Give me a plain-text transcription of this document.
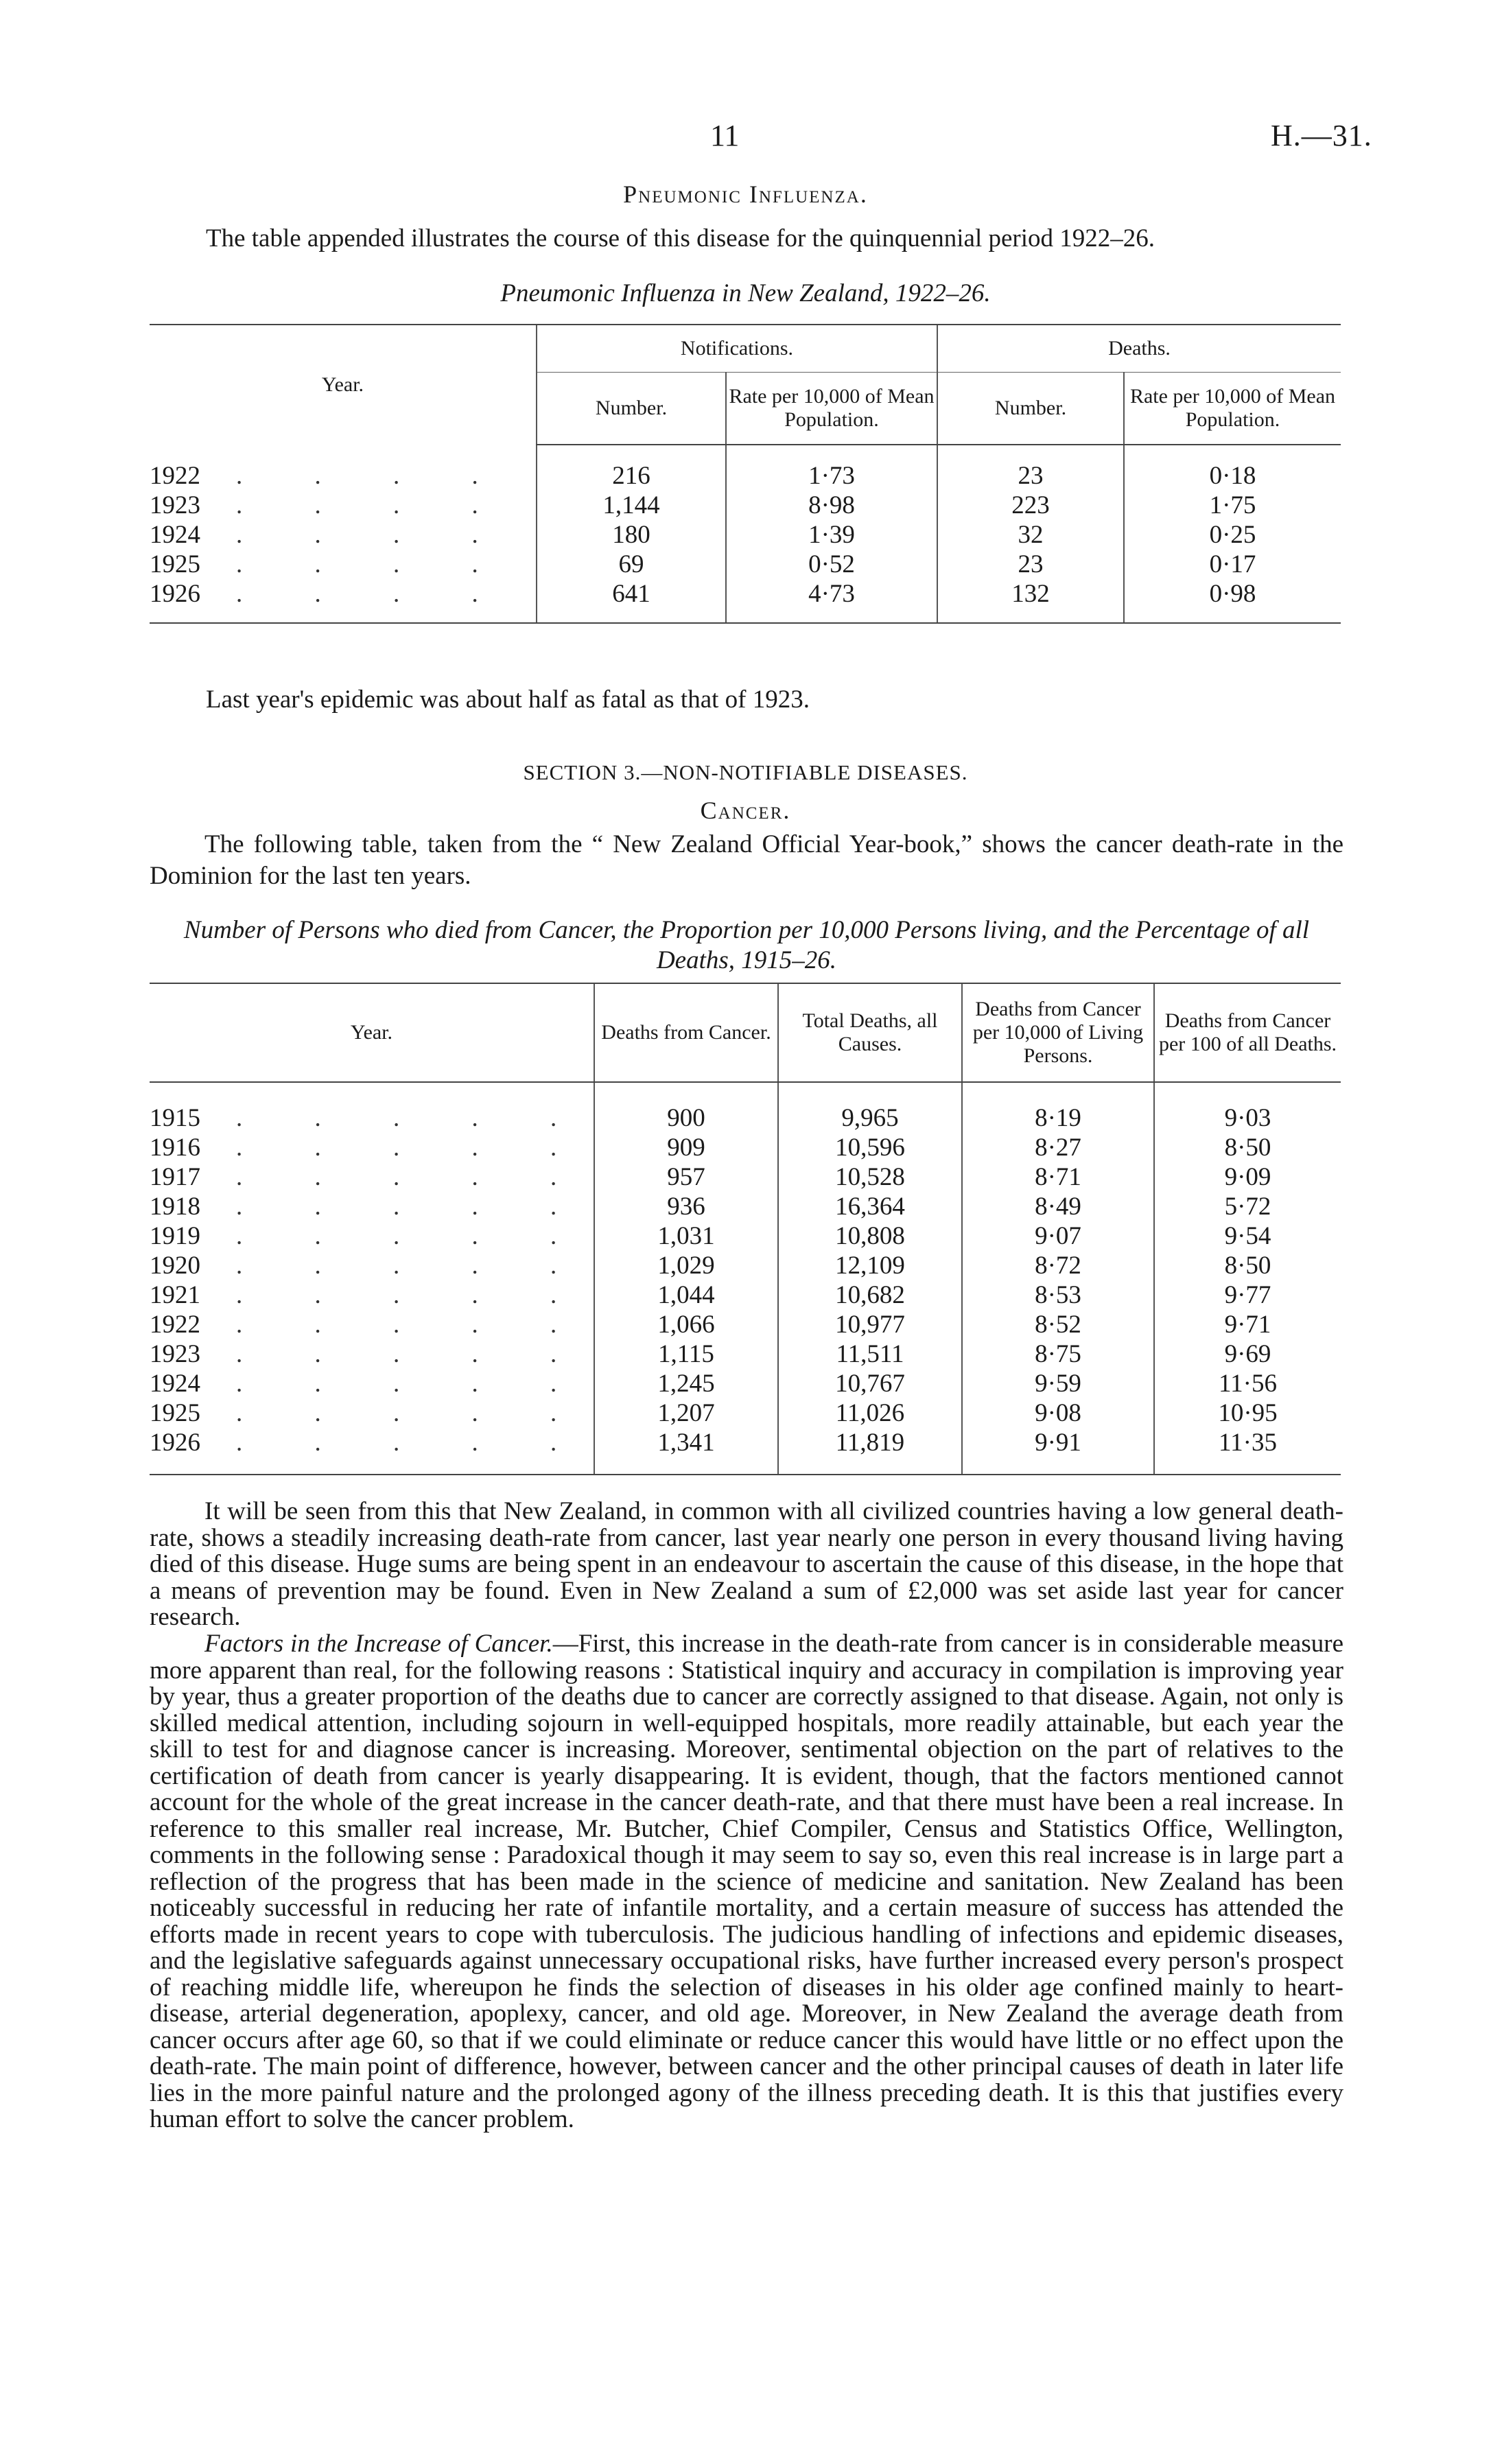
11	H.—31.
Pneumonic Influenza.
The table appended illustrates the course of this disease for the quinquennial period 1922–26.
Pneumonic Influenza in New Zealand, 1922–26.

Year.	Notifications.		Deaths.	
	Number.	Rate per 10,000 of Mean Population.	Number.	Rate per 10,000 of Mean Population.

1922 . . . .	216	1·73	23	0·18
1923 . . . .	1,144	8·98	223	1·75
1924 . . . .	180	1·39	32	0·25
1925 . . . .	69	0·52	23	0·17
1926 . . . .	641	4·73	132	0·98

Last year's epidemic was about half as fatal as that of 1923.
SECTION 3.—NON-NOTIFIABLE DISEASES.
Cancer.
The following table, taken from the “ New Zealand Official Year-book,” shows the cancer death-rate in the Dominion for the last ten years.
Number of Persons who died from Cancer, the Proportion per 10,000 Persons living, and the Percentage of all Deaths, 1915–26.

Year.	Deaths from Cancer.	Total Deaths, all Causes.	Deaths from Cancer per 10,000 of Living Persons.	Deaths from Cancer per 100 of all Deaths.

1915 . . . . .	900	9,965	8·19	9·03
1916 . . . . .	909	10,596	8·27	8·50
1917 . . . . .	957	10,528	8·71	9·09
1918 . . . . .	936	16,364	8·49	5·72
1919 . . . . .	1,031	10,808	9·07	9·54
1920 . . . . .	1,029	12,109	8·72	8·50
1921 . . . . .	1,044	10,682	8·53	9·77
1922 . . . . .	1,066	10,977	8·52	9·71
1923 . . . . .	1,115	11,511	8·75	9·69
1924 . . . . .	1,245	10,767	9·59	11·56
1925 . . . . .	1,207	11,026	9·08	10·95
1926 . . . . .	1,341	11,819	9·91	11·35

It will be seen from this that New Zealand, in common with all civilized countries having a low general death-rate, shows a steadily increasing death-rate from cancer, last year nearly one person in every thousand living having died of this disease. Huge sums are being spent in an endeavour to ascertain the cause of this disease, in the hope that a means of prevention may be found. Even in New Zealand a sum of £2,000 was set aside last year for cancer research.
Factors in the Increase of Cancer.—First, this increase in the death-rate from cancer is in considerable measure more apparent than real, for the following reasons : Statistical inquiry and accuracy in compilation is improving year by year, thus a greater proportion of the deaths due to cancer are correctly assigned to that disease. Again, not only is skilled medical attention, including sojourn in well-equipped hospitals, more readily attainable, but each year the skill to test for and diagnose cancer is increasing. Moreover, sentimental objection on the part of relatives to the certification of death from cancer is yearly disappearing. It is evident, though, that the factors mentioned cannot account for the whole of the great increase in the cancer death-rate, and that there must have been a real increase. In reference to this smaller real increase, Mr. Butcher, Chief Compiler, Census and Statistics Office, Wellington, comments in the following sense : Paradoxical though it may seem to say so, even this real increase is in large part a reflection of the progress that has been made in the science of medicine and sanitation. New Zealand has been noticeably successful in reducing her rate of infantile mortality, and a certain measure of success has attended the efforts made in recent years to cope with tuberculosis. The judicious handling of infections and epidemic diseases, and the legislative safeguards against unnecessary occupational risks, have further increased every person's prospect of reaching middle life, whereupon he finds the selection of diseases in his older age confined mainly to heart-disease, arterial degeneration, apoplexy, cancer, and old age. Moreover, in New Zealand the average death from cancer occurs after age 60, so that if we could eliminate or reduce cancer this would have little or no effect upon the death-rate. The main point of difference, however, between cancer and the other principal causes of death in later life lies in the more painful nature and the prolonged agony of the illness preceding death. It is this that justifies every human effort to solve the cancer problem.
